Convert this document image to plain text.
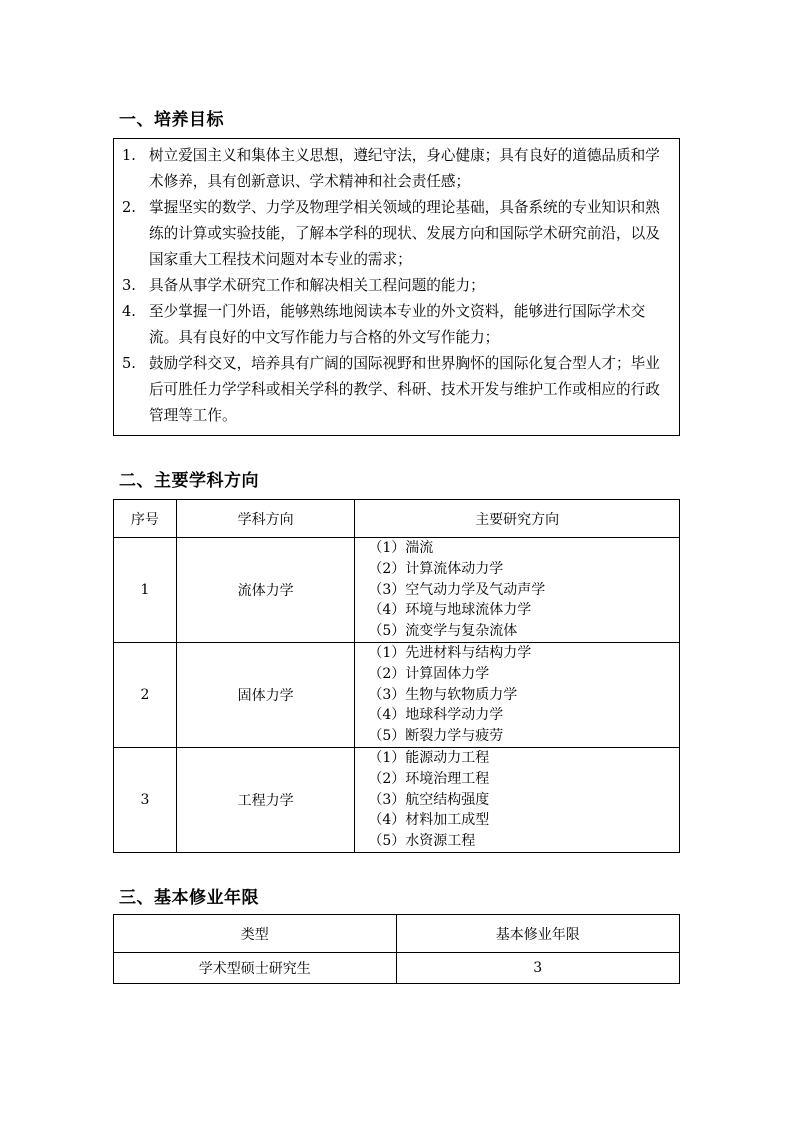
一、培养目标
1. 树立爱国主义和集体主义思想，遵纪守法，身心健康；具有良好的道德品质和学术修养，具有创新意识、学术精神和社会责任感；
2. 掌握坚实的数学、力学及物理学相关领域的理论基础，具备系统的专业知识和熟练的计算或实验技能，了解本学科的现状、发展方向和国际学术研究前沿，以及国家重大工程技术问题对本专业的需求；
3. 具备从事学术研究工作和解决相关工程问题的能力；
4. 至少掌握一门外语，能够熟练地阅读本专业的外文资料，能够进行国际学术交流。具有良好的中文写作能力与合格的外文写作能力；
5. 鼓励学科交叉，培养具有广阔的国际视野和世界胸怀的国际化复合型人才；毕业后可胜任力学学科或相关学科的教学、科研、技术开发与维护工作或相应的行政管理等工作。
二、主要学科方向
序号	学科方向	主要研究方向
1	流体力学	（1）湍流
（2）计算流体动力学
（3）空气动力学及气动声学
（4）环境与地球流体力学
（5）流变学与复杂流体

2	固体力学	（1）先进材料与结构力学
（2）计算固体力学
（3）生物与软物质力学
（4）地球科学动力学
（5）断裂力学与疲劳

3	工程力学	（1）能源动力工程
（2）环境治理工程
（3）航空结构强度
（4）材料加工成型
（5）水资源工程
三、基本修业年限
类型	基本修业年限
学术型硕士研究生	3
